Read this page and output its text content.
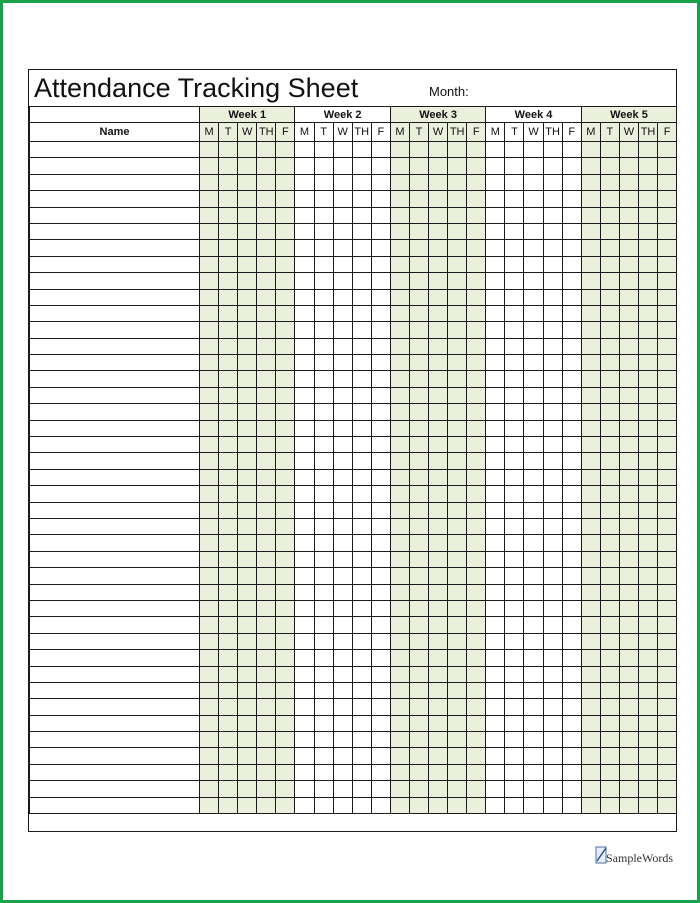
Attendance Tracking Sheet	Month:
	Week 1					Week 2					Week 3					Week 4					Week 5				
Name	M	T	W	TH	F	M	T	W	TH	F	M	T	W	TH	F	M	T	W	TH	F	M	T	W	TH	F

SampleWords
